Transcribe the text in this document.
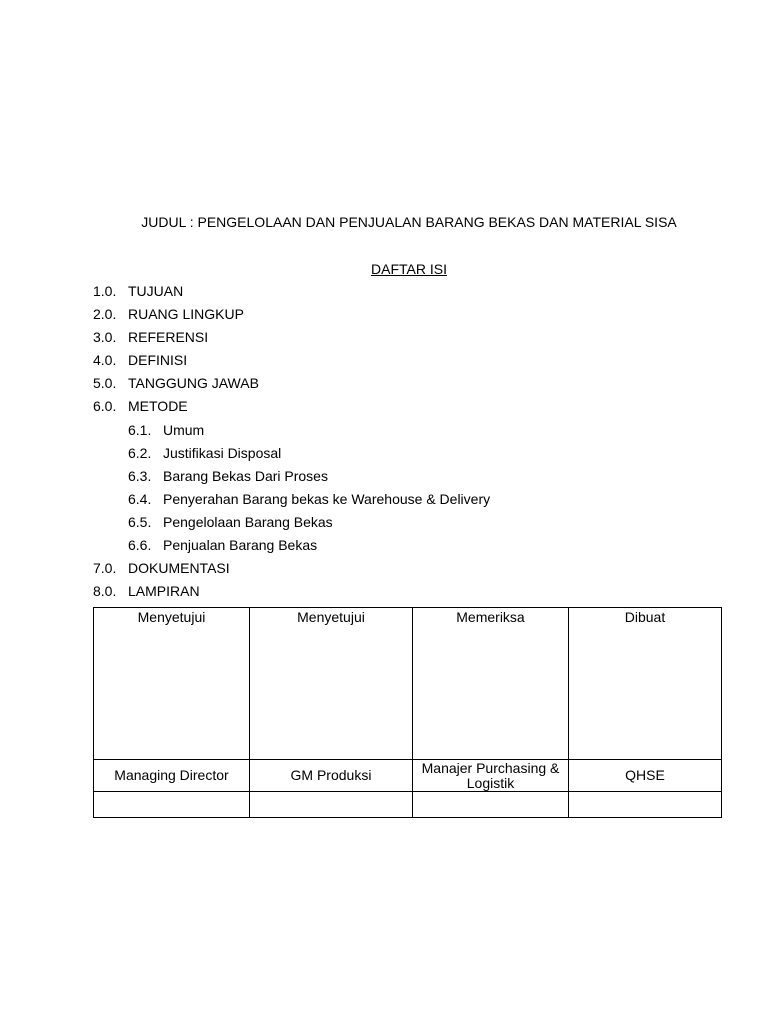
JUDUL : PENGELOLAAN DAN PENJUALAN BARANG BEKAS DAN MATERIAL SISA
DAFTAR ISI
1.0. TUJUAN
2.0. RUANG LINGKUP
3.0. REFERENSI
4.0. DEFINISI
5.0. TANGGUNG JAWAB
6.0. METODE
6.1. Umum
6.2. Justifikasi Disposal
6.3. Barang Bekas Dari Proses
6.4. Penyerahan Barang bekas ke Warehouse & Delivery
6.5. Pengelolaan Barang Bekas
6.6. Penjualan Barang Bekas
7.0. DOKUMENTASI
8.0. LAMPIRAN
Menyetujui	Menyetujui	Memeriksa	Dibuat
Managing Director	GM Produksi	Manajer Purchasing & Logistik	QHSE
